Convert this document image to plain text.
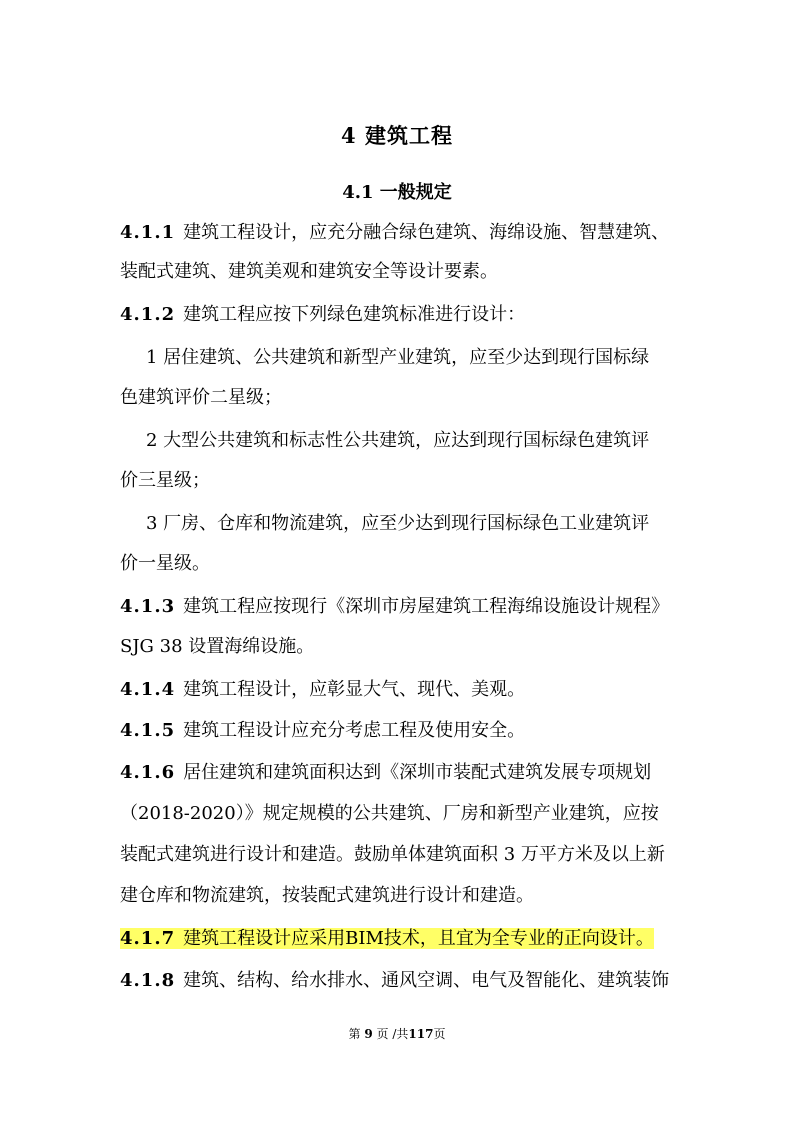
4 建筑工程
4.1 一般规定
4.1.1 建筑工程设计，应充分融合绿色建筑、海绵设施、智慧建筑、
装配式建筑、建筑美观和建筑安全等设计要素。
4.1.2 建筑工程应按下列绿色建筑标准进行设计：
1 居住建筑、公共建筑和新型产业建筑，应至少达到现行国标绿
色建筑评价二星级；
2 大型公共建筑和标志性公共建筑，应达到现行国标绿色建筑评
价三星级；
3 厂房、仓库和物流建筑，应至少达到现行国标绿色工业建筑评
价一星级。
4.1.3 建筑工程应按现行《深圳市房屋建筑工程海绵设施设计规程》
SJG 38 设置海绵设施。
4.1.4 建筑工程设计，应彰显大气、现代、美观。
4.1.5 建筑工程设计应充分考虑工程及使用安全。
4.1.6 居住建筑和建筑面积达到《深圳市装配式建筑发展专项规划
（2018-2020）》规定规模的公共建筑、厂房和新型产业建筑，应按
装配式建筑进行设计和建造。鼓励单体建筑面积 3 万平方米及以上新
建仓库和物流建筑，按装配式建筑进行设计和建造。
4.1.7 建筑工程设计应采用BIM技术，且宜为全专业的正向设计。
4.1.8 建筑、结构、给水排水、通风空调、电气及智能化、建筑装饰
第 9 页 /共117页
